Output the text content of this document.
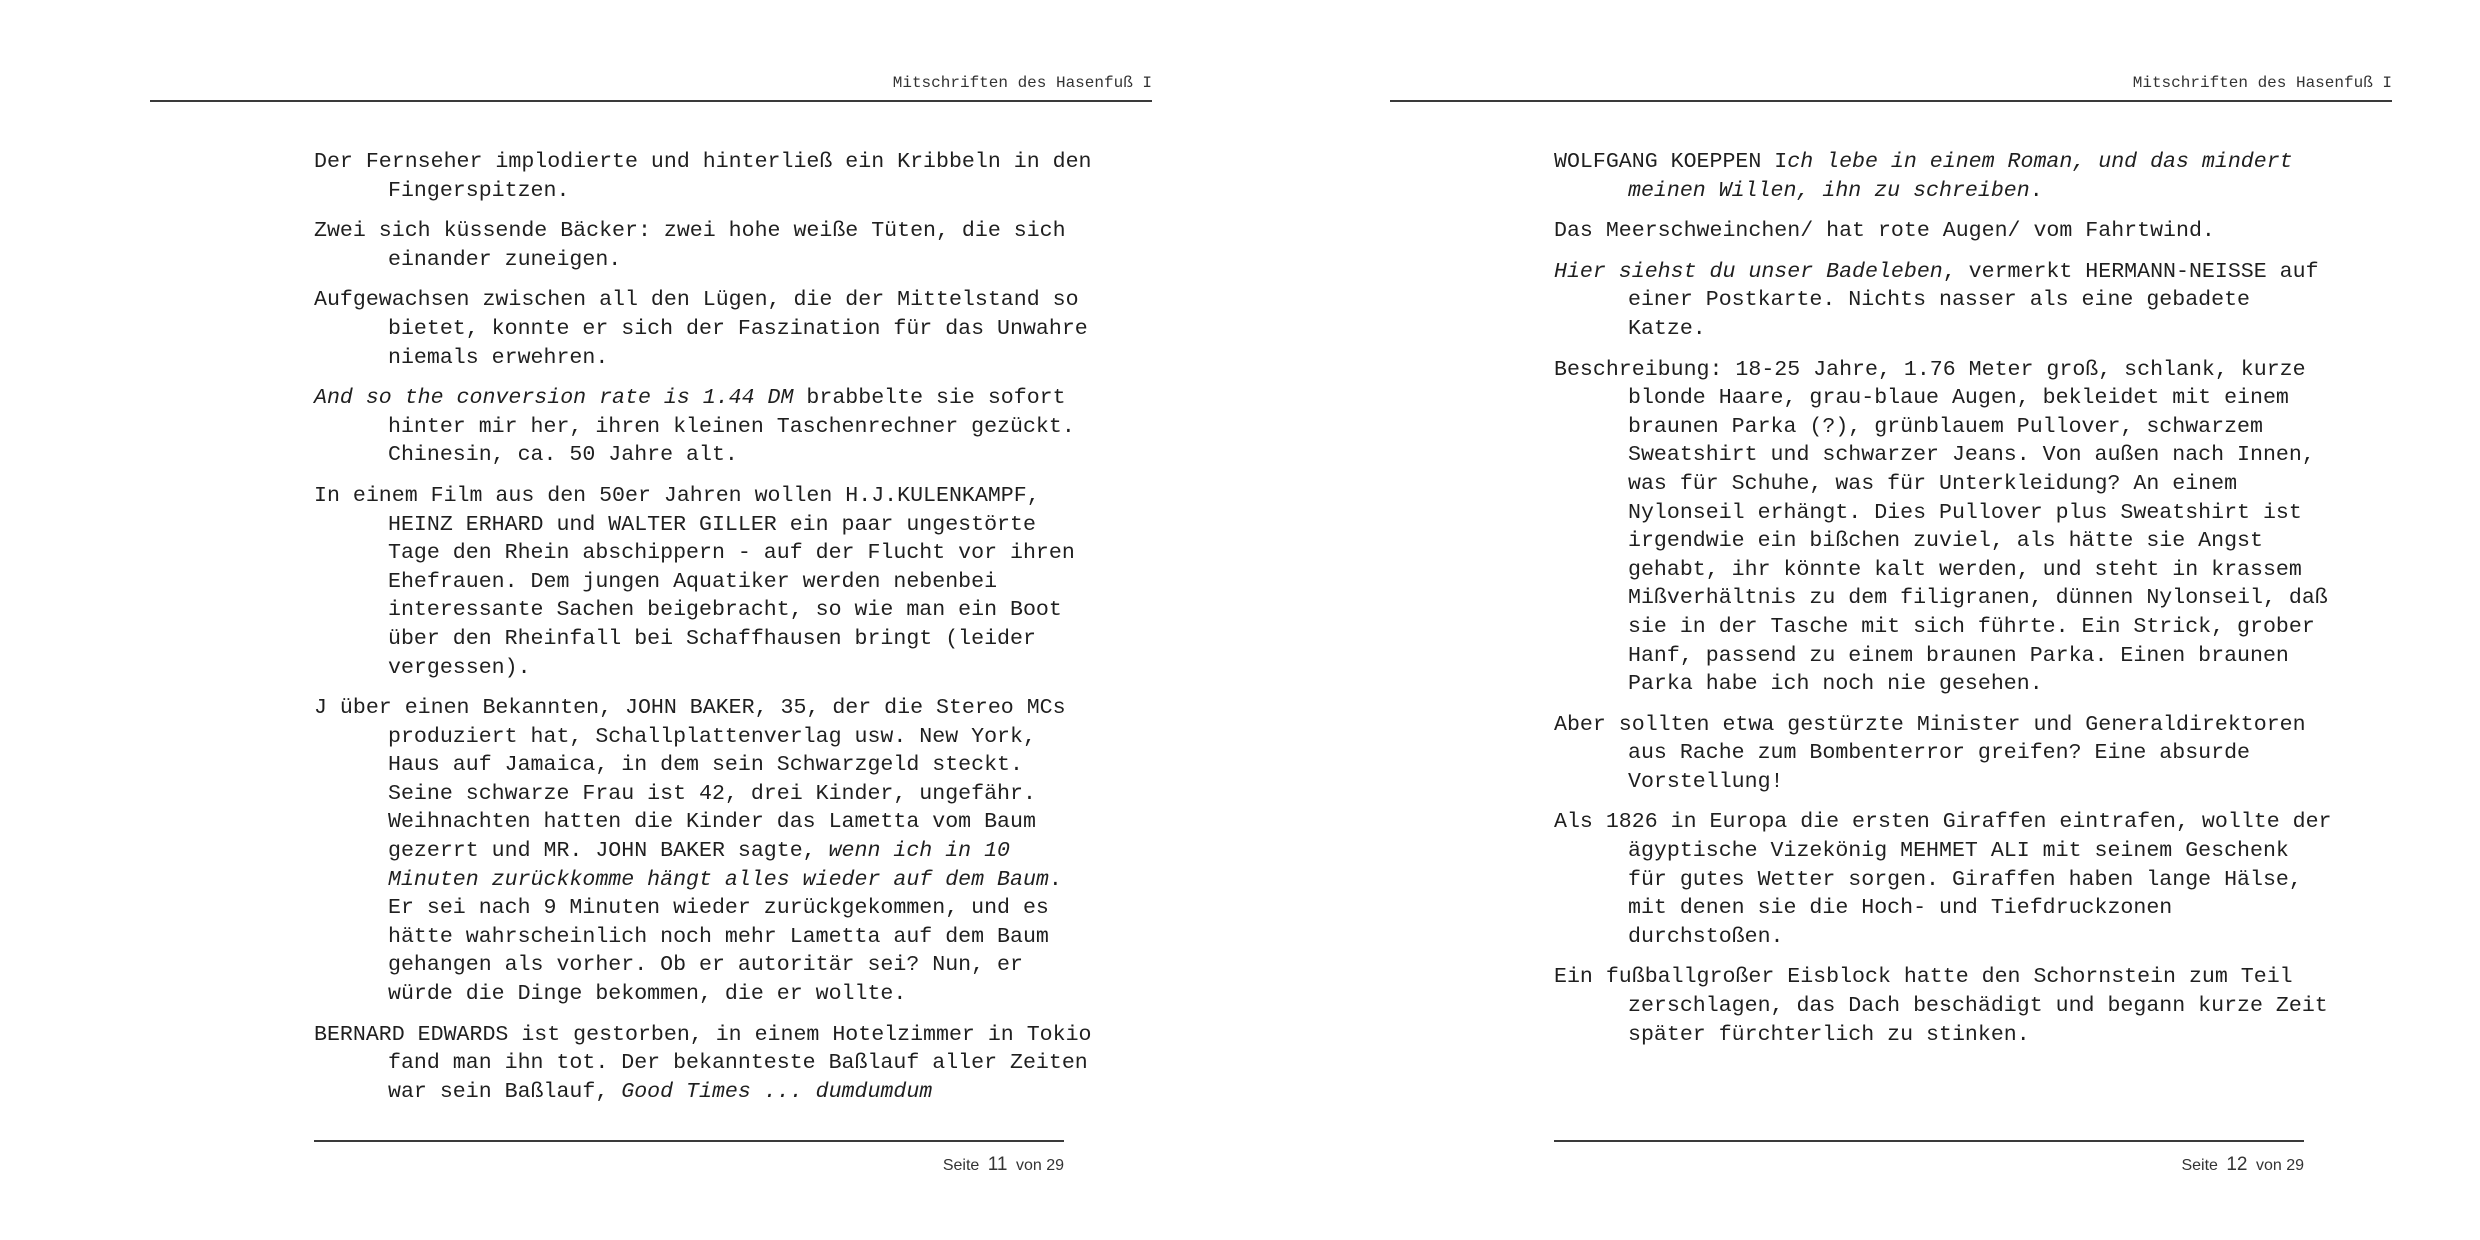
Mitschriften des Hasenfuß I

Der Fernseher implodierte und hinterließ ein Kribbeln in den
Fingerspitzen.

Zwei sich küssende Bäcker: zwei hohe weiße Tüten, die sich
einander zuneigen.

Aufgewachsen zwischen all den Lügen, die der Mittelstand so
bietet, konnte er sich der Faszination für das Unwahre
niemals erwehren.

And so the conversion rate is 1.44 DM brabbelte sie sofort
hinter mir her, ihren kleinen Taschenrechner gezückt.
Chinesin, ca. 50 Jahre alt.

In einem Film aus den 50er Jahren wollen H.J.KULENKAMPF,
HEINZ ERHARD und WALTER GILLER ein paar ungestörte
Tage den Rhein abschippern - auf der Flucht vor ihren
Ehefrauen. Dem jungen Aquatiker werden nebenbei
interessante Sachen beigebracht, so wie man ein Boot
über den Rheinfall bei Schaffhausen bringt (leider
vergessen).

J über einen Bekannten, JOHN BAKER, 35, der die Stereo MCs
produziert hat, Schallplattenverlag usw. New York,
Haus auf Jamaica, in dem sein Schwarzgeld steckt.
Seine schwarze Frau ist 42, drei Kinder, ungefähr.
Weihnachten hatten die Kinder das Lametta vom Baum
gezerrt und MR. JOHN BAKER sagte, wenn ich in 10
Minuten zurückkomme hängt alles wieder auf dem Baum.
Er sei nach 9 Minuten wieder zurückgekommen, und es
hätte wahrscheinlich noch mehr Lametta auf dem Baum
gehangen als vorher. Ob er autoritär sei? Nun, er
würde die Dinge bekommen, die er wollte.

BERNARD EDWARDS ist gestorben, in einem Hotelzimmer in Tokio
fand man ihn tot. Der bekannteste Baßlauf aller Zeiten
war sein Baßlauf, Good Times ... dumdumdum

Seite 11 von 29
Mitschriften des Hasenfuß I

WOLFGANG KOEPPEN Ich lebe in einem Roman, und das mindert
meinen Willen, ihn zu schreiben.

Das Meerschweinchen/ hat rote Augen/ vom Fahrtwind.

Hier siehst du unser Badeleben, vermerkt HERMANN-NEISSE auf
einer Postkarte. Nichts nasser als eine gebadete
Katze.

Beschreibung: 18-25 Jahre, 1.76 Meter groß, schlank, kurze
blonde Haare, grau-blaue Augen, bekleidet mit einem
braunen Parka (?), grünblauem Pullover, schwarzem
Sweatshirt und schwarzer Jeans. Von außen nach Innen,
was für Schuhe, was für Unterkleidung? An einem
Nylonseil erhängt. Dies Pullover plus Sweatshirt ist
irgendwie ein bißchen zuviel, als hätte sie Angst
gehabt, ihr könnte kalt werden, und steht in krassem
Mißverhältnis zu dem filigranen, dünnen Nylonseil, daß
sie in der Tasche mit sich führte. Ein Strick, grober
Hanf, passend zu einem braunen Parka. Einen braunen
Parka habe ich noch nie gesehen.

Aber sollten etwa gestürzte Minister und Generaldirektoren
aus Rache zum Bombenterror greifen? Eine absurde
Vorstellung!

Als 1826 in Europa die ersten Giraffen eintrafen, wollte der
ägyptische Vizekönig MEHMET ALI mit seinem Geschenk
für gutes Wetter sorgen. Giraffen haben lange Hälse,
mit denen sie die Hoch- und Tiefdruckzonen
durchstoßen.

Ein fußballgroßer Eisblock hatte den Schornstein zum Teil
zerschlagen, das Dach beschädigt und begann kurze Zeit
später fürchterlich zu stinken.

Seite 12 von 29
